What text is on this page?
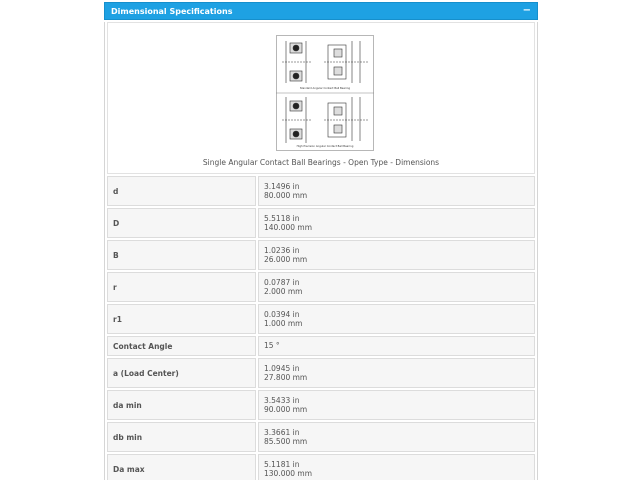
Dimensional Specifications	−
Standard Angular Contact Ball Bearing
High Precision Angular Contact Ball Bearing
Single Angular Contact Ball Bearings - Open Type - Dimensions
d	3.1496 in
80.000 mm
D	5.5118 in
140.000 mm
B	1.0236 in
26.000 mm
r	0.0787 in
2.000 mm
r1	0.0394 in
1.000 mm
Contact Angle	15 °
a (Load Center)	1.0945 in
27.800 mm
da min	3.5433 in
90.000 mm
db min	3.3661 in
85.500 mm
Da max	5.1181 in
130.000 mm
